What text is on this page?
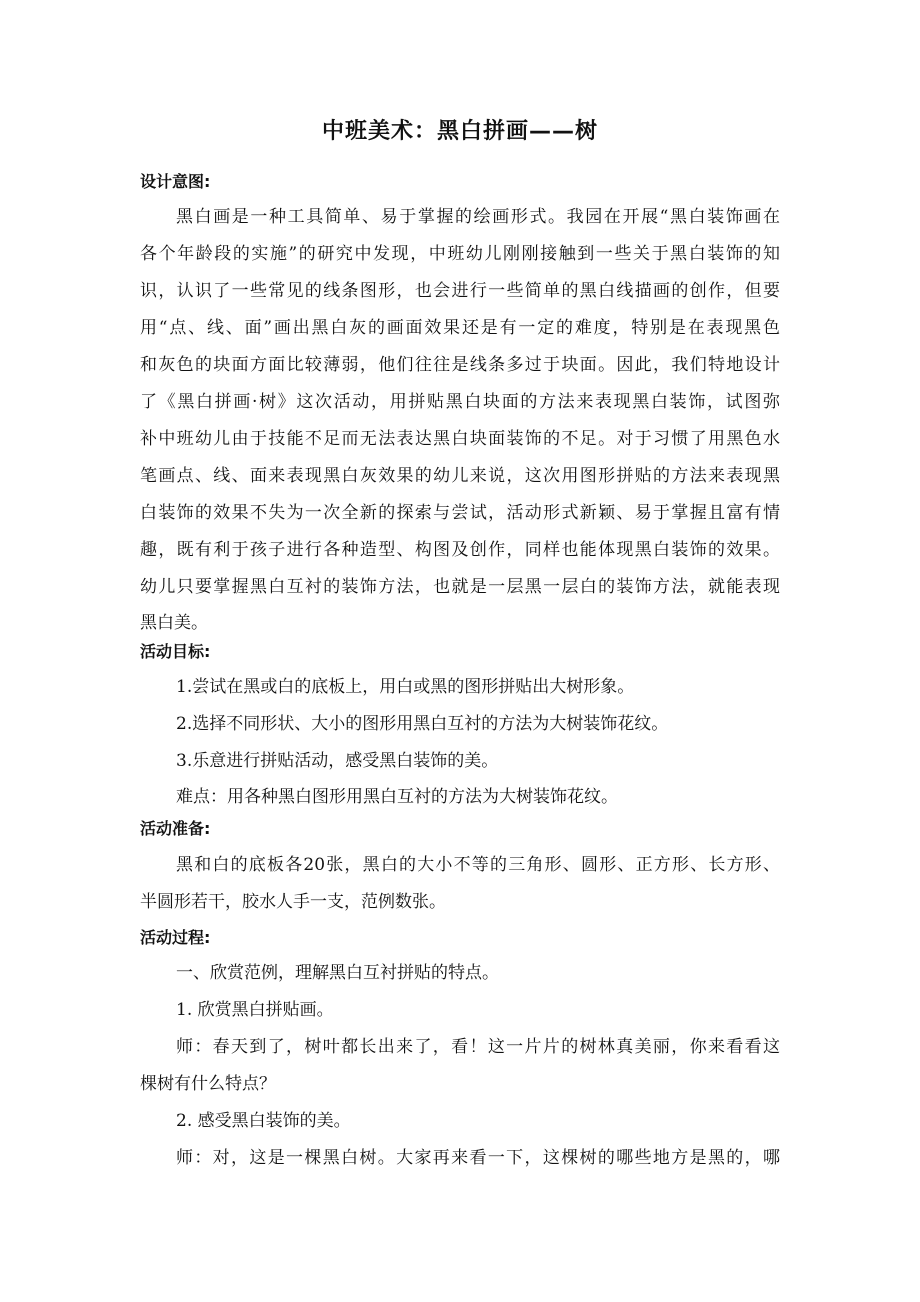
中班美术：黑白拼画——树
设计意图:
黑白画是一种工具简单、易于掌握的绘画形式。我园在开展“黑白装饰画在
各个年龄段的实施”的研究中发现，中班幼儿刚刚接触到一些关于黑白装饰的知
识，认识了一些常见的线条图形，也会进行一些简单的黑白线描画的创作，但要
用“点、线、面”画出黑白灰的画面效果还是有一定的难度，特别是在表现黑色
和灰色的块面方面比较薄弱，他们往往是线条多过于块面。因此，我们特地设计
了《黑白拼画·树》这次活动，用拼贴黑白块面的方法来表现黑白装饰，试图弥
补中班幼儿由于技能不足而无法表达黑白块面装饰的不足。对于习惯了用黑色水
笔画点、线、面来表现黑白灰效果的幼儿来说，这次用图形拼贴的方法来表现黑
白装饰的效果不失为一次全新的探索与尝试，活动形式新颖、易于掌握且富有情
趣，既有利于孩子进行各种造型、构图及创作，同样也能体现黑白装饰的效果。
幼儿只要掌握黑白互衬的装饰方法，也就是一层黑一层白的装饰方法，就能表现
黑白美。
活动目标:
1.尝试在黑或白的底板上，用白或黑的图形拼贴出大树形象。
2.选择不同形状、大小的图形用黑白互衬的方法为大树装饰花纹。
3.乐意进行拼贴活动，感受黑白装饰的美。
难点：用各种黑白图形用黑白互衬的方法为大树装饰花纹。
活动准备:
黑和白的底板各20张，黑白的大小不等的三角形、圆形、正方形、长方形、
半圆形若干，胶水人手一支，范例数张。
活动过程:
一、欣赏范例，理解黑白互衬拼贴的特点。
1. 欣赏黑白拼贴画。
师：春天到了，树叶都长出来了，看！这一片片的树林真美丽，你来看看这
棵树有什么特点？
2. 感受黑白装饰的美。
师：对，这是一棵黑白树。大家再来看一下，这棵树的哪些地方是黑的，哪
